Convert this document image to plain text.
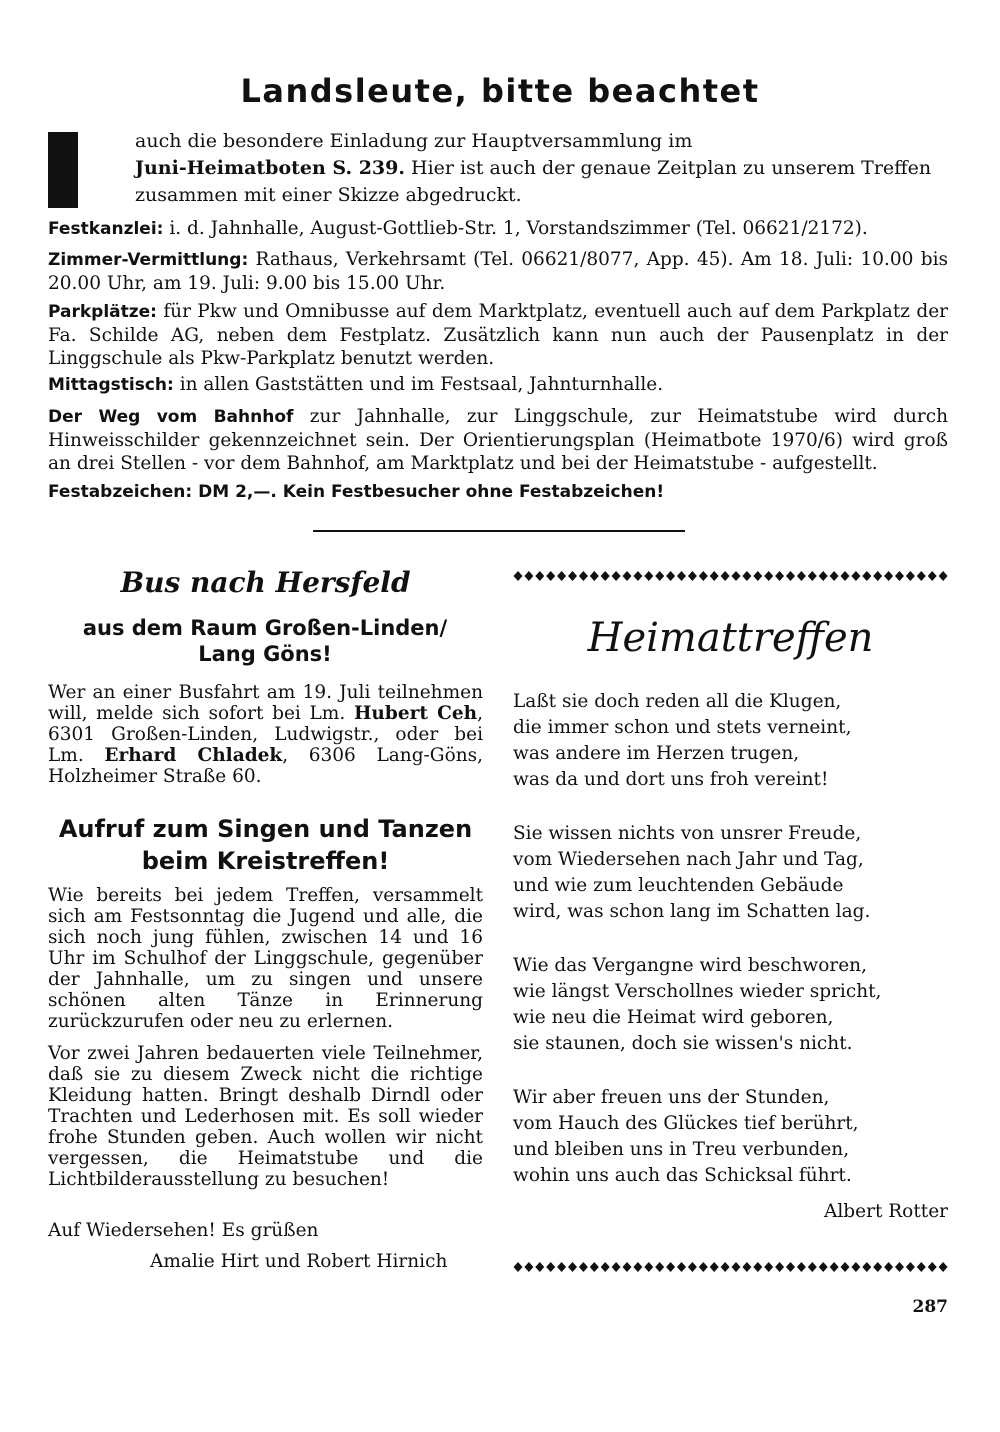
Landsleute, bitte beachtet
auch die besondere Einladung zur Hauptversammlung im
Juni-Heimatboten S. 239. Hier ist auch der genaue Zeitplan zu unserem Treffen
zusammen mit einer Skizze abgedruckt.
Festkanzlei: i. d. Jahnhalle, August-Gottlieb-Str. 1, Vorstandszimmer (Tel. 06621/2172).
Zimmer-Vermittlung: Rathaus, Verkehrsamt (Tel. 06621/8077, App. 45). Am 18. Juli: 10.00 bis 20.00 Uhr, am 19. Juli: 9.00 bis 15.00 Uhr.
Parkplätze: für Pkw und Omnibusse auf dem Marktplatz, eventuell auch auf dem Parkplatz der Fa. Schilde AG, neben dem Festplatz. Zusätzlich kann nun auch der Pausenplatz in der Linggschule als Pkw-Parkplatz benutzt werden.
Mittagstisch: in allen Gaststätten und im Festsaal, Jahnturnhalle.
Der Weg vom Bahnhof zur Jahnhalle, zur Linggschule, zur Heimatstube wird durch Hinweisschilder gekennzeichnet sein. Der Orientierungsplan (Heimatbote 1970/6) wird groß an drei Stellen - vor dem Bahnhof, am Marktplatz und bei der Heimatstube - aufgestellt.
Festabzeichen: DM 2,—. Kein Festbesucher ohne Festabzeichen!
Bus nach Hersfeld
aus dem Raum Großen-Linden/ Lang Göns!
Wer an einer Busfahrt am 19. Juli teilnehmen will, melde sich sofort bei Lm. Hubert Ceh, 6301 Großen-Linden, Ludwigstr., oder bei Lm. Erhard Chladek, 6306 Lang-Göns, Holzheimer Straße 60.
Aufruf zum Singen und Tanzen beim Kreistreffen!
Wie bereits bei jedem Treffen, versammelt sich am Festsonntag die Jugend und alle, die sich noch jung fühlen, zwischen 14 und 16 Uhr im Schulhof der Linggschule, gegenüber der Jahnhalle, um zu singen und unsere schönen alten Tänze in Erinnerung zurückzurufen oder neu zu erlernen.
Vor zwei Jahren bedauerten viele Teilnehmer, daß sie zu diesem Zweck nicht die richtige Kleidung hatten. Bringt deshalb Dirndl oder Trachten und Lederhosen mit. Es soll wieder frohe Stunden geben. Auch wollen wir nicht vergessen, die Heimatstube und die Lichtbilderausstellung zu besuchen!
Auf Wiedersehen! Es grüßen
Amalie Hirt und Robert Hirnich
Heimattreffen
Laßt sie doch reden all die Klugen,
die immer schon und stets verneint,
was andere im Herzen trugen,
was da und dort uns froh vereint!
Sie wissen nichts von unsrer Freude,
vom Wiedersehen nach Jahr und Tag,
und wie zum leuchtenden Gebäude
wird, was schon lang im Schatten lag.
Wie das Vergangne wird beschworen,
wie längst Verschollnes wieder spricht,
wie neu die Heimat wird geboren,
sie staunen, doch sie wissen's nicht.
Wir aber freuen uns der Stunden,
vom Hauch des Glückes tief berührt,
und bleiben uns in Treu verbunden,
wohin uns auch das Schicksal führt.
Albert Rotter
287
